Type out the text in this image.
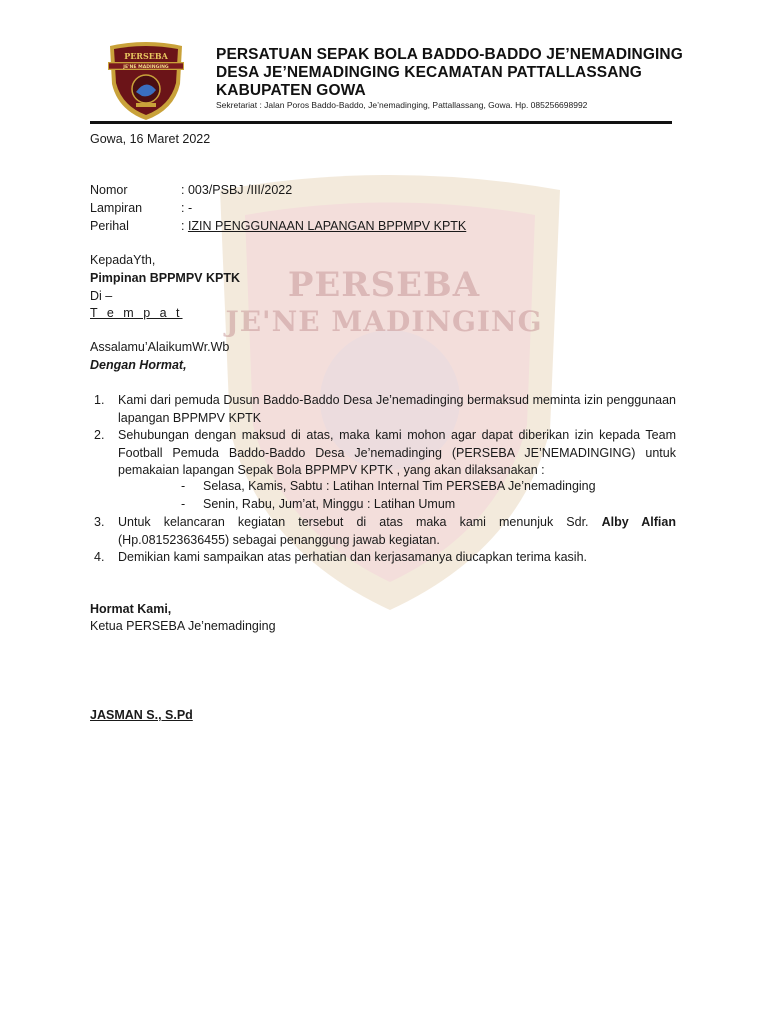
PERSEBA
JE'NE MADINGING
PERSEBA
JE'NE MADINGING
PERSATUAN SEPAK BOLA BADDO-BADDO JE’NEMADINGING
DESA JE’NEMADINGING KECAMATAN PATTALLASSANG
KABUPATEN GOWA
Sekretariat : Jalan Poros Baddo-Baddo, Je’nemadinging, Pattallassang, Gowa. Hp. 085256698992
Gowa, 16 Maret 2022
Nomor	: 003/PSBJ /III/2022
Lampiran	: -
Perihal	: IZIN PENGGUNAAN LAPANGAN BPPMPV KPTK
KepadaYth,
Pimpinan BPPMPV KPTK
Di –
T e m p a t
Assalamu’AlaikumWr.Wb
Dengan Hormat,
1. Kami dari pemuda Dusun Baddo-Baddo Desa Je’nemadinging bermaksud meminta izin penggunaan lapangan BPPMPV KPTK
2. Sehubungan dengan maksud di atas, maka kami mohon agar dapat diberikan izin kepada Team Football Pemuda Baddo-Baddo Desa Je’nemadinging (PERSEBA JE’NEMADINGING) untuk pemakaian lapangan Sepak Bola BPPMPV KPTK , yang akan dilaksanakan :
- Selasa, Kamis, Sabtu : Latihan Internal Tim PERSEBA Je’nemadinging
- Senin, Rabu, Jum’at, Minggu : Latihan Umum
3. Untuk kelancaran kegiatan tersebut di atas maka kami menunjuk Sdr. Alby Alfian (Hp.081523636455) sebagai penanggung jawab kegiatan.
4. Demikian kami sampaikan atas perhatian dan kerjasamanya diucapkan terima kasih.
Hormat Kami,
Ketua PERSEBA Je’nemadinging
JASMAN S., S.Pd
